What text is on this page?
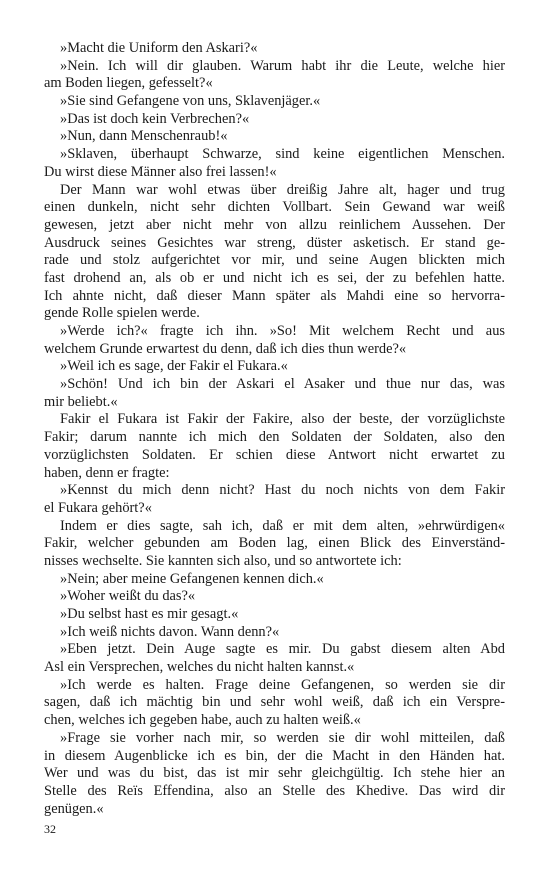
»Macht die Uniform den Askari?«
»Nein. Ich will dir glauben. Warum habt ihr die Leute, welche hier
am Boden liegen, gefesselt?«
»Sie sind Gefangene von uns, Sklavenjäger.«
»Das ist doch kein Verbrechen?«
»Nun, dann Menschenraub!«
»Sklaven, überhaupt Schwarze, sind keine eigentlichen Menschen.
Du wirst diese Männer also frei lassen!«
Der Mann war wohl etwas über dreißig Jahre alt, hager und trug
einen dunkeln, nicht sehr dichten Vollbart. Sein Gewand war weiß
gewesen, jetzt aber nicht mehr von allzu reinlichem Aussehen. Der
Ausdruck seines Gesichtes war streng, düster asketisch. Er stand ge-
rade und stolz aufgerichtet vor mir, und seine Augen blickten mich
fast drohend an, als ob er und nicht ich es sei, der zu befehlen hatte.
Ich ahnte nicht, daß dieser Mann später als Mahdi eine so hervorra-
gende Rolle spielen werde.
»Werde ich?« fragte ich ihn. »So! Mit welchem Recht und aus
welchem Grunde erwartest du denn, daß ich dies thun werde?«
»Weil ich es sage, der Fakir el Fukara.«
»Schön! Und ich bin der Askari el Asaker und thue nur das, was
mir beliebt.«
Fakir el Fukara ist Fakir der Fakire, also der beste, der vorzüglichste
Fakir; darum nannte ich mich den Soldaten der Soldaten, also den
vorzüglichsten Soldaten. Er schien diese Antwort nicht erwartet zu
haben, denn er fragte:
»Kennst du mich denn nicht? Hast du noch nichts von dem Fakir
el Fukara gehört?«
Indem er dies sagte, sah ich, daß er mit dem alten, »ehrwürdigen«
Fakir, welcher gebunden am Boden lag, einen Blick des Einverständ-
nisses wechselte. Sie kannten sich also, und so antwortete ich:
»Nein; aber meine Gefangenen kennen dich.«
»Woher weißt du das?«
»Du selbst hast es mir gesagt.«
»Ich weiß nichts davon. Wann denn?«
»Eben jetzt. Dein Auge sagte es mir. Du gabst diesem alten Abd
Asl ein Versprechen, welches du nicht halten kannst.«
»Ich werde es halten. Frage deine Gefangenen, so werden sie dir
sagen, daß ich mächtig bin und sehr wohl weiß, daß ich ein Verspre-
chen, welches ich gegeben habe, auch zu halten weiß.«
»Frage sie vorher nach mir, so werden sie dir wohl mitteilen, daß
in diesem Augenblicke ich es bin, der die Macht in den Händen hat.
Wer und was du bist, das ist mir sehr gleichgültig. Ich stehe hier an
Stelle des Reïs Effendina, also an Stelle des Khedive. Das wird dir
genügen.«
32
